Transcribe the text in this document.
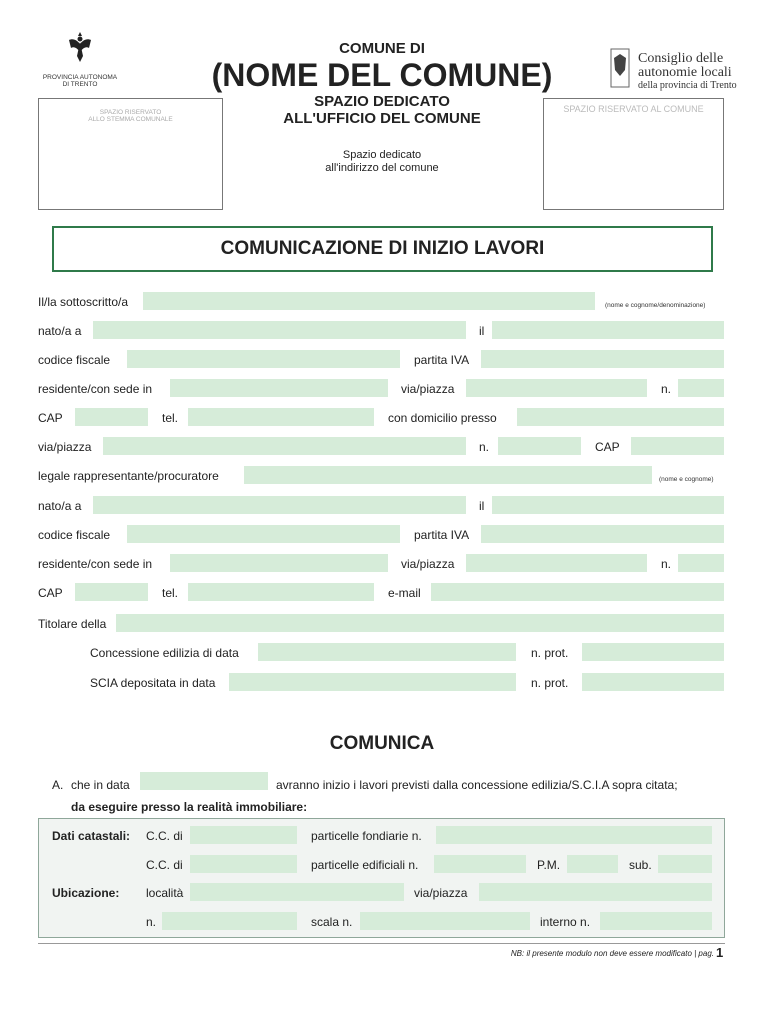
PROVINCIA AUTONOMA
DI TRENTO
COMUNE DI
(NOME DEL COMUNE)
SPAZIO DEDICATO
ALL'UFFICIO DEL COMUNE
Spazio dedicato
all'indirizzo del comune
SPAZIO RISERVATO
ALLO STEMMA COMUNALE
SPAZIO RISERVATO AL COMUNE
Consiglio delle
autonomie locali
della provincia di Trento
COMUNICAZIONE DI INIZIO LAVORI
Il/la sottoscritto/a	(nome e cognome/denominazione)
nato/a a	il
codice fiscale	partita IVA
residente/con sede in	via/piazza	n.
CAP	tel.	con domicilio presso
via/piazza	n.	CAP
legale rappresentante/procuratore	(nome e cognome)
nato/a a	il
codice fiscale	partita IVA
residente/con sede in	via/piazza	n.
CAP	tel.	e-mail
Titolare della
Concessione edilizia di data	n. prot.
SCIA depositata in data	n. prot.
COMUNICA
A. che in data	avranno inizio i lavori previsti dalla concessione edilizia/S.C.I.A sopra citata;
da eseguire presso la realità immobiliare:
Dati catastali: C.C. di	particelle fondiarie n.
C.C. di	particelle edificiali n.	P.M.	sub.
Ubicazione: località	via/piazza
n.	scala n.	interno n.
NB: il presente modulo non deve essere modificato | pag. 1
